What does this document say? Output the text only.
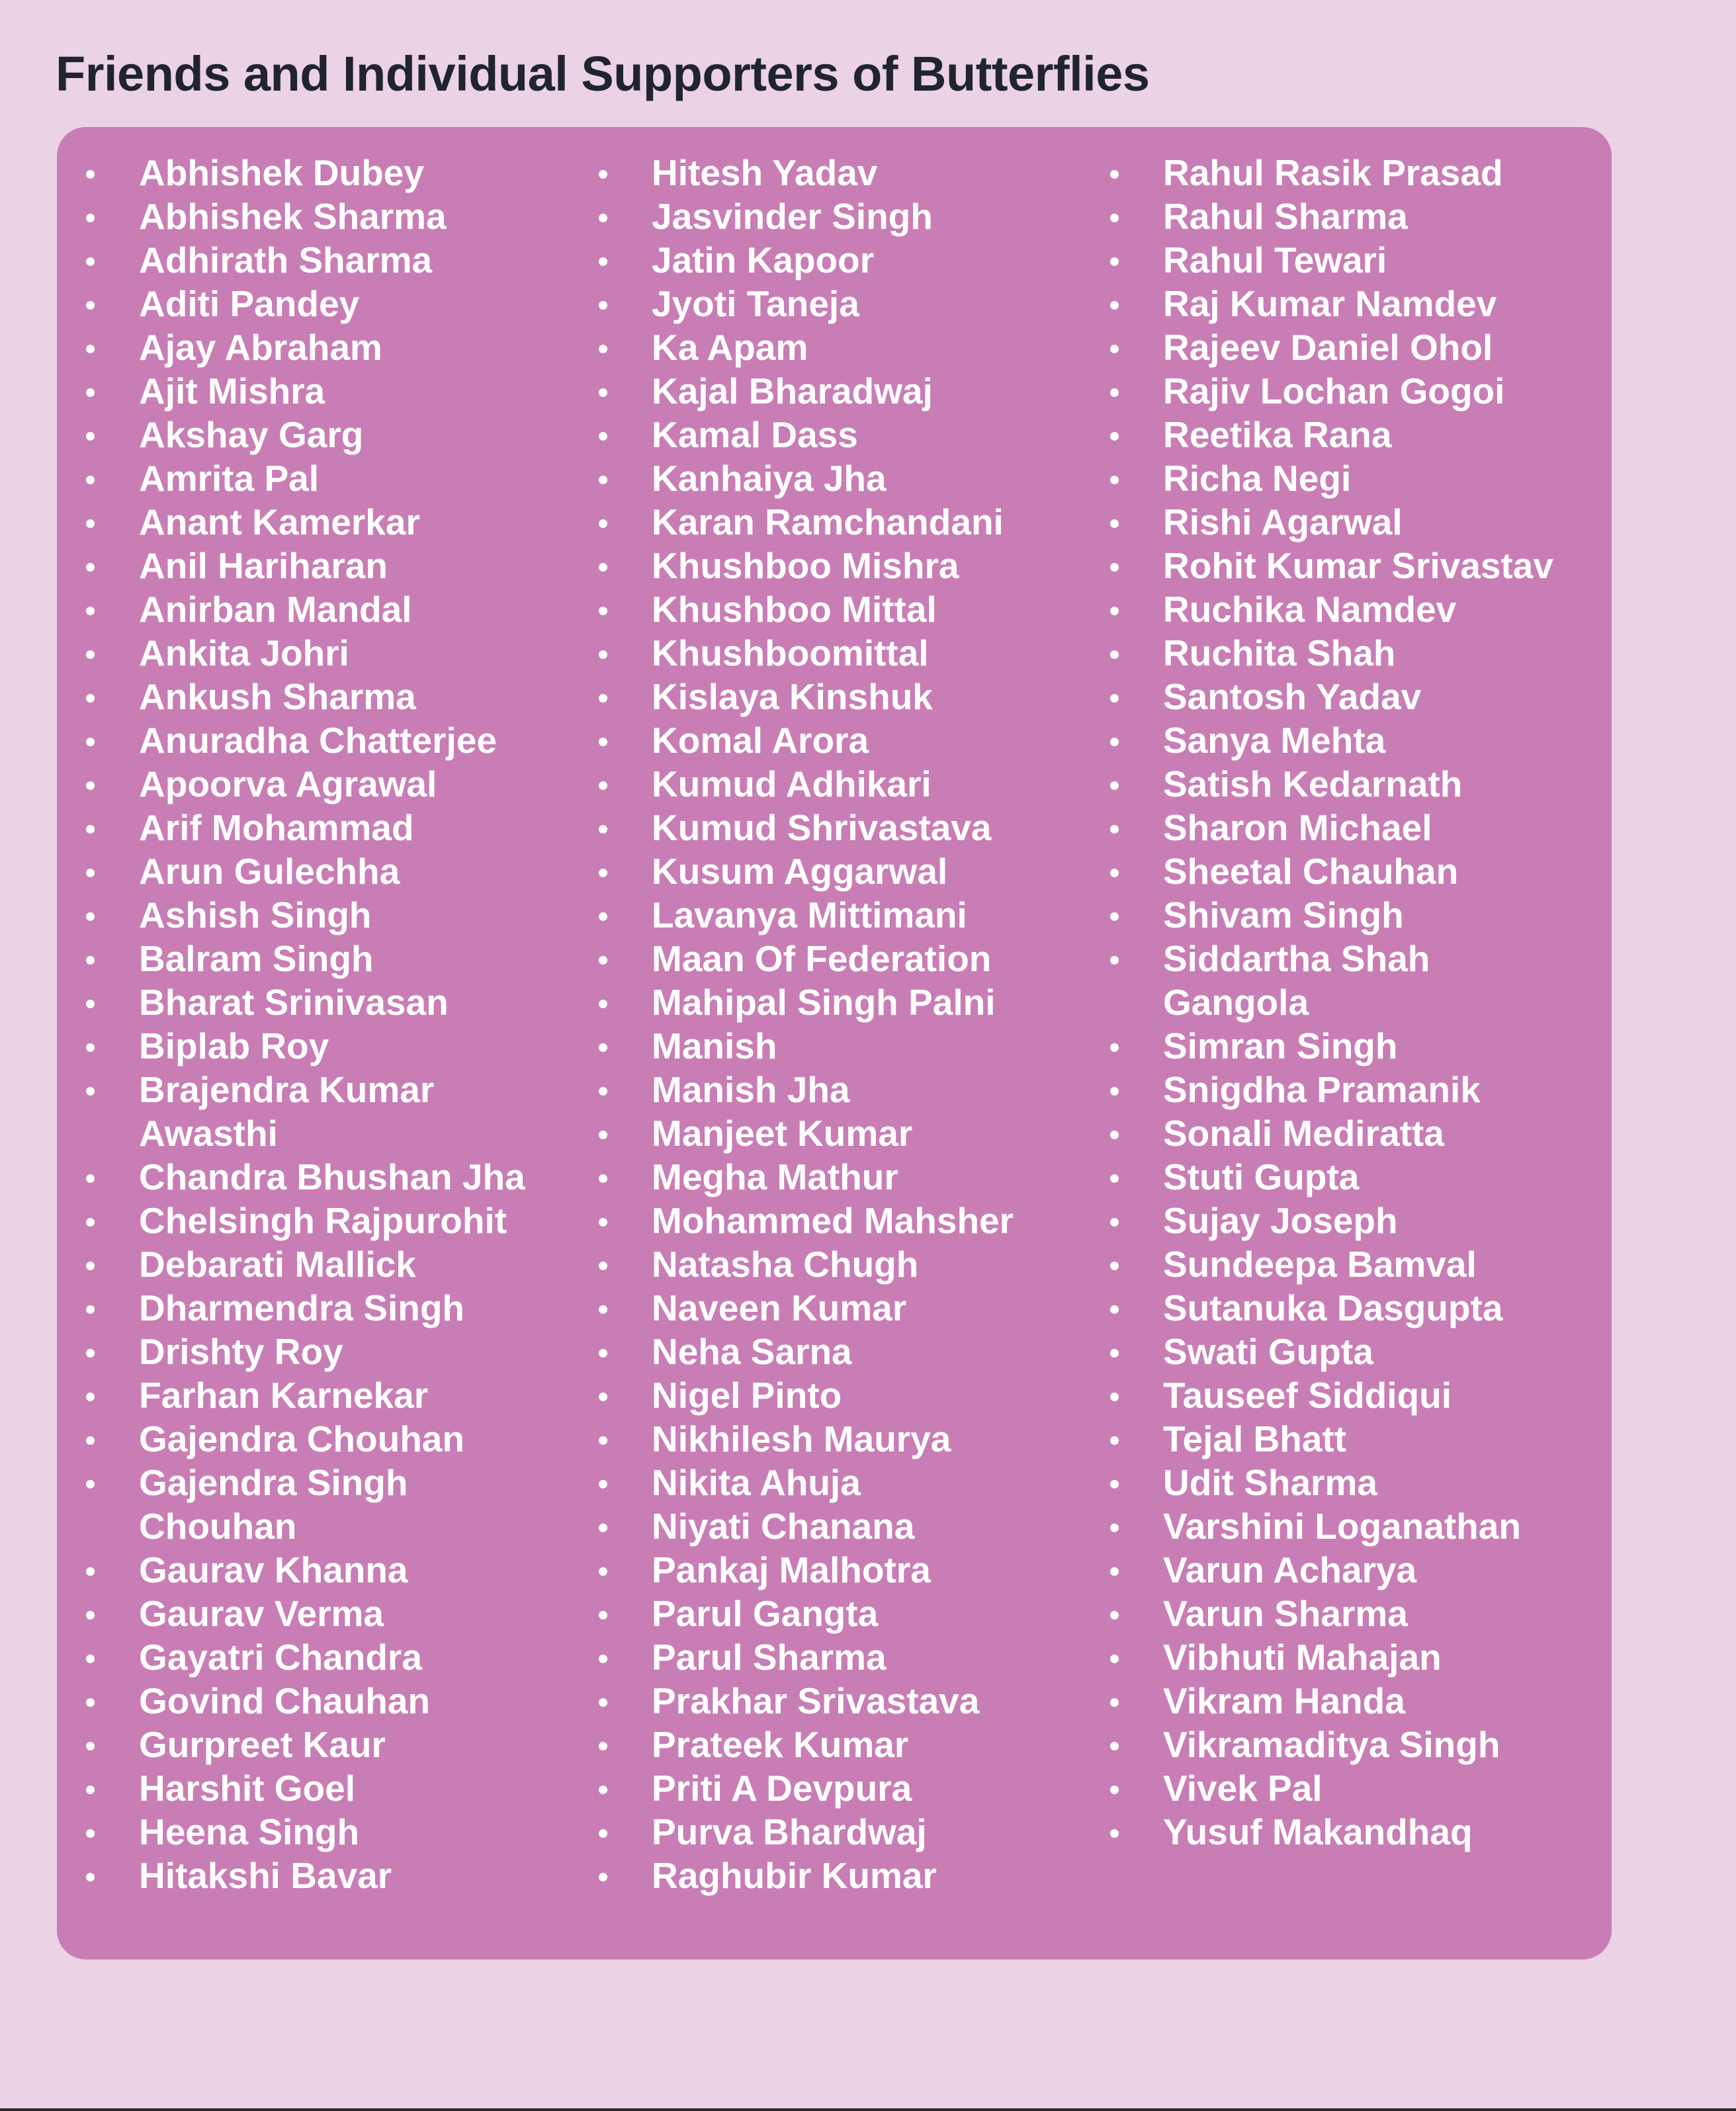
Friends and Individual Supporters of Butterflies
Abhishek Dubey
Abhishek Sharma
Adhirath Sharma
Aditi Pandey
Ajay Abraham
Ajit Mishra
Akshay Garg
Amrita Pal
Anant Kamerkar
Anil Hariharan
Anirban Mandal
Ankita Johri
Ankush Sharma
Anuradha Chatterjee
Apoorva Agrawal
Arif Mohammad
Arun Gulechha
Ashish Singh
Balram Singh
Bharat Srinivasan
Biplab Roy
Brajendra Kumar Awasthi
Chandra Bhushan Jha
Chelsingh Rajpurohit
Debarati Mallick
Dharmendra Singh
Drishty Roy
Farhan Karnekar
Gajendra Chouhan
Gajendra Singh Chouhan
Gaurav Khanna
Gaurav Verma
Gayatri Chandra
Govind Chauhan
Gurpreet Kaur
Harshit Goel
Heena Singh
Hitakshi Bavar
Hitesh Yadav
Jasvinder Singh
Jatin Kapoor
Jyoti Taneja
Ka Apam
Kajal Bharadwaj
Kamal Dass
Kanhaiya Jha
Karan Ramchandani
Khushboo Mishra
Khushboo Mittal
Khushboomittal
Kislaya Kinshuk
Komal Arora
Kumud Adhikari
Kumud Shrivastava
Kusum Aggarwal
Lavanya Mittimani
Maan Of Federation
Mahipal Singh Palni
Manish
Manish Jha
Manjeet Kumar
Megha Mathur
Mohammed Mahsher
Natasha Chugh
Naveen Kumar
Neha Sarna
Nigel Pinto
Nikhilesh Maurya
Nikita Ahuja
Niyati Chanana
Pankaj Malhotra
Parul Gangta
Parul Sharma
Prakhar Srivastava
Prateek Kumar
Priti A Devpura
Purva Bhardwaj
Raghubir Kumar
Rahul Rasik Prasad
Rahul Sharma
Rahul Tewari
Raj Kumar Namdev
Rajeev Daniel Ohol
Rajiv Lochan Gogoi
Reetika Rana
Richa Negi
Rishi Agarwal
Rohit Kumar Srivastav
Ruchika Namdev
Ruchita Shah
Santosh Yadav
Sanya Mehta
Satish Kedarnath
Sharon Michael
Sheetal Chauhan
Shivam Singh
Siddartha Shah Gangola
Simran Singh
Snigdha Pramanik
Sonali Mediratta
Stuti Gupta
Sujay Joseph
Sundeepa Bamval
Sutanuka Dasgupta
Swati Gupta
Tauseef Siddiqui
Tejal Bhatt
Udit Sharma
Varshini Loganathan
Varun Acharya
Varun Sharma
Vibhuti Mahajan
Vikram Handa
Vikramaditya Singh
Vivek Pal
Yusuf Makandhaq
